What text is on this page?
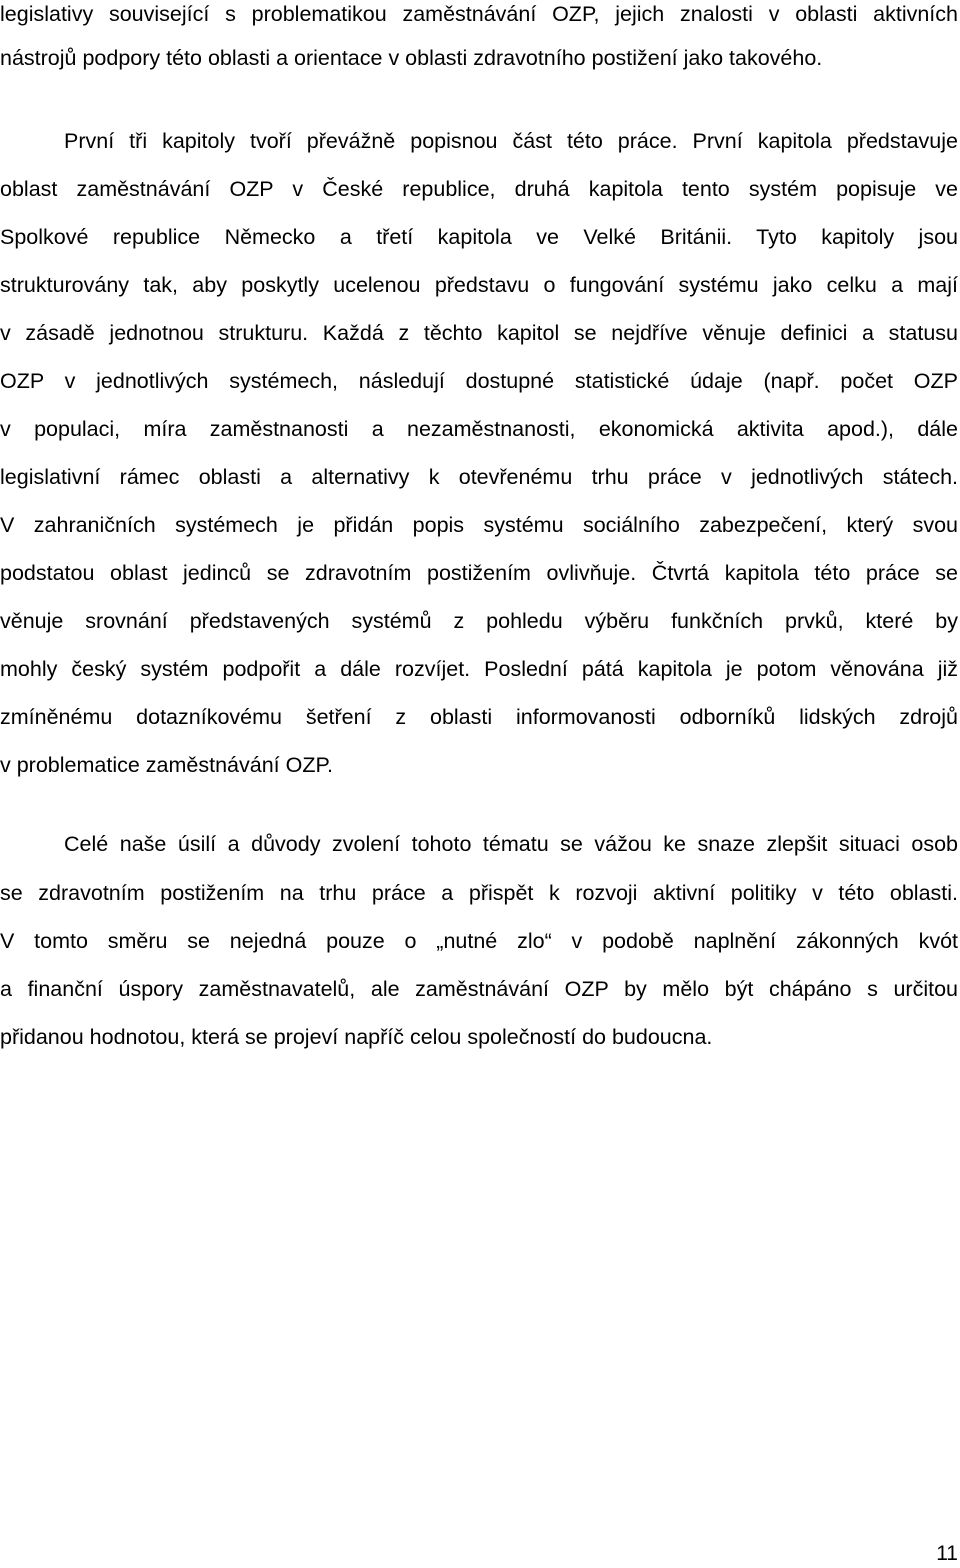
legislativy související s problematikou zaměstnávání OZP, jejich znalosti v oblasti aktivních
nástrojů podpory této oblasti a orientace v oblasti zdravotního postižení jako takového.
První tři kapitoly tvoří převážně popisnou část této práce. První kapitola představuje
oblast zaměstnávání OZP v České republice, druhá kapitola tento systém popisuje ve
Spolkové republice Německo a třetí kapitola ve Velké Británii. Tyto kapitoly jsou
strukturovány tak, aby poskytly ucelenou představu o fungování systému jako celku a mají
v zásadě jednotnou strukturu. Každá z těchto kapitol se nejdříve věnuje definici a statusu
OZP v jednotlivých systémech, následují dostupné statistické údaje (např. počet OZP
v populaci, míra zaměstnanosti a nezaměstnanosti, ekonomická aktivita apod.), dále
legislativní rámec oblasti a alternativy k otevřenému trhu práce v jednotlivých státech.
V zahraničních systémech je přidán popis systému sociálního zabezpečení, který svou
podstatou oblast jedinců se zdravotním postižením ovlivňuje. Čtvrtá kapitola této práce se
věnuje srovnání představených systémů z pohledu výběru funkčních prvků, které by
mohly český systém podpořit a dále rozvíjet. Poslední pátá kapitola je potom věnována již
zmíněnému dotazníkovému šetření z oblasti informovanosti odborníků lidských zdrojů
v problematice zaměstnávání OZP.
Celé naše úsilí a důvody zvolení tohoto tématu se vážou ke snaze zlepšit situaci osob
se zdravotním postižením na trhu práce a přispět k rozvoji aktivní politiky v této oblasti.
V tomto směru se nejedná pouze o „nutné zlo“ v podobě naplnění zákonných kvót
a finanční úspory zaměstnavatelů, ale zaměstnávání OZP by mělo být chápáno s určitou
přidanou hodnotou, která se projeví napříč celou společností do budoucna.
11
